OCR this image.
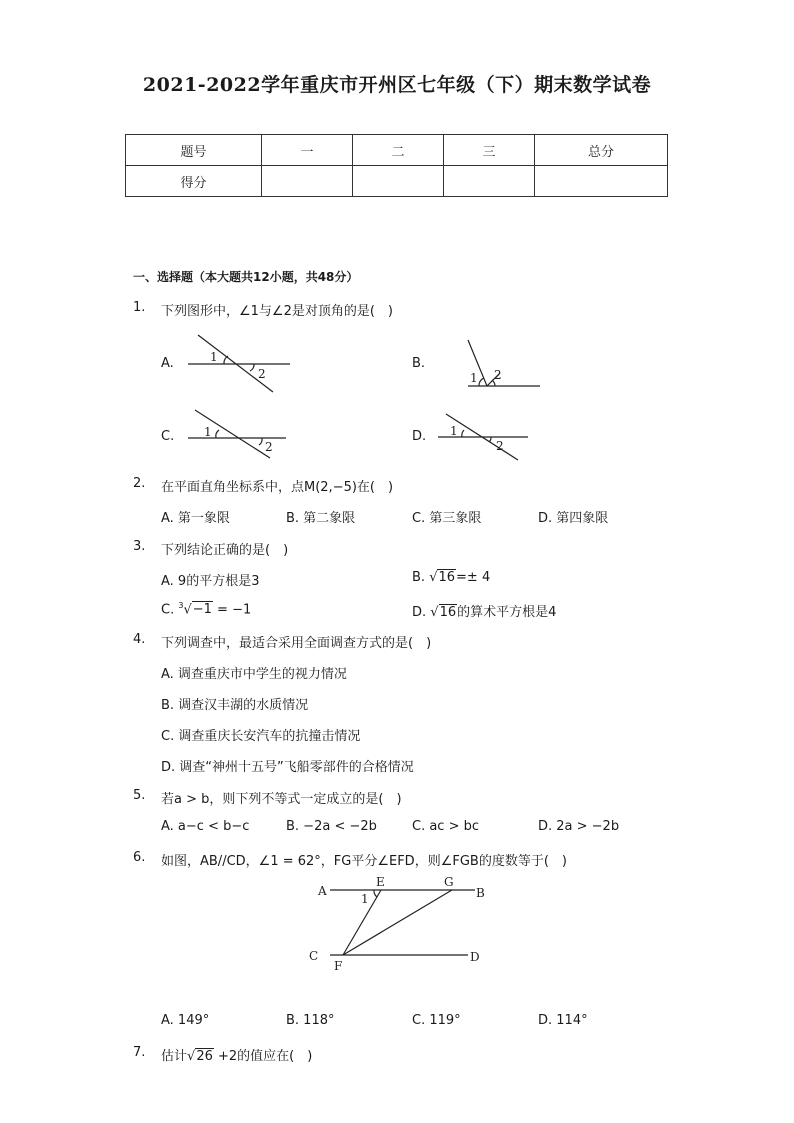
2021-2022学年重庆市开州区七年级（下）期末数学试卷
题号	一	二	三	总分
得分				
一、选择题（本大题共12小题，共48分）
1. 下列图形中，∠1与∠2是对顶角的是(　)
A.	1
2
B.
1 2
C. 1
2
D. 1
2
2. 在平面直角坐标系中，点M(2,−5)在(　)
A. 第一象限	B. 第二象限	C. 第三象限	D. 第四象限
3. 下列结论正确的是(　)
A. 9的平方根是3	B. √16=± 4
C. $^3$√−1 = −1	D. √16的算术平方根是4
4. 下列调查中，最适合采用全面调查方式的是(　)
A. 调查重庆市中学生的视力情况
B. 调查汉丰湖的水质情况
C. 调查重庆长安汽车的抗撞击情况
D. 调查“神州十五号”飞船零部件的合格情况
5. 若a > b，则下列不等式一定成立的是(　)
A. a−c < b−c	B. −2a < −2b	C. ac > bc	D. 2a > −2b
6. 如图，AB//CD，∠1 = 62°，FG平分∠EFD，则∠FGB的度数等于(　)
A	B
C	D
E
F
G
1
A. 149°	B. 118°	C. 119°	D. 114°
7. 估计√26 +2的值应在(　)
